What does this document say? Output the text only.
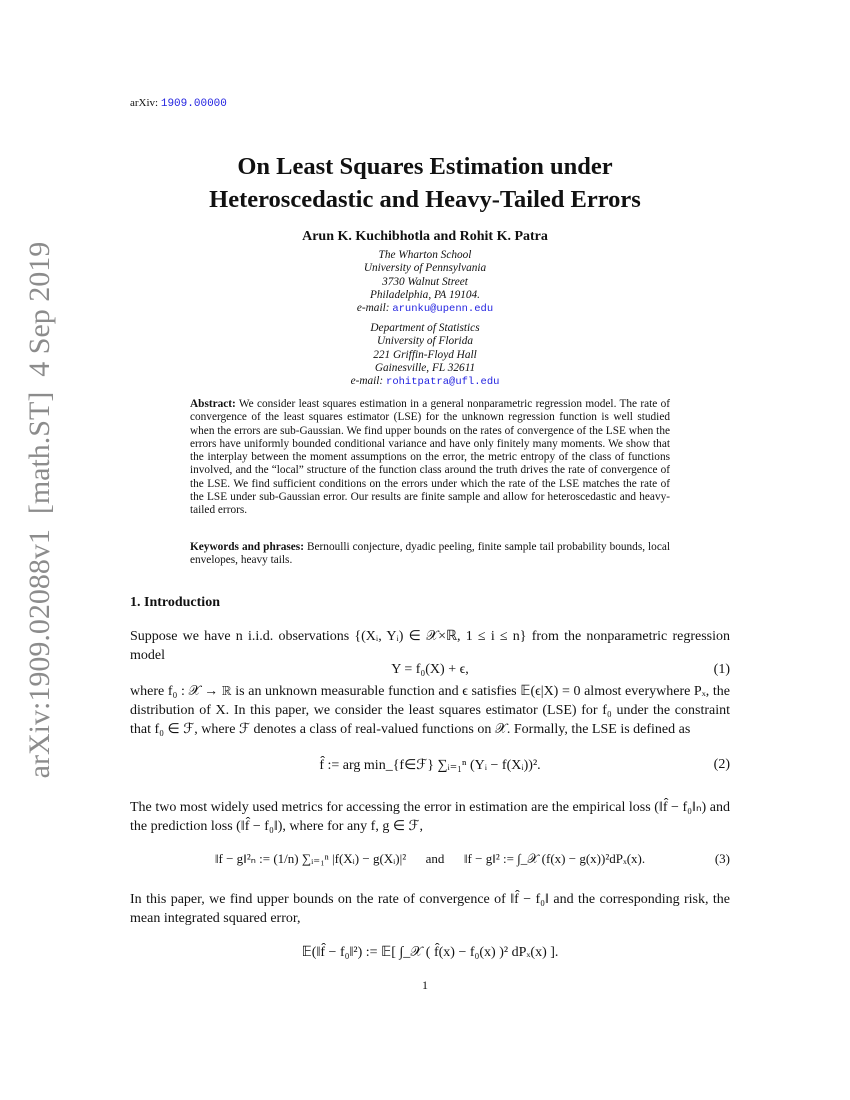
arXiv: 1909.00000
arXiv:1909.02088v1  [math.ST]  4 Sep 2019
On Least Squares Estimation under
Heteroscedastic and Heavy-Tailed Errors
Arun K. Kuchibhotla and Rohit K. Patra
The Wharton School
University of Pennsylvania
3730 Walnut Street
Philadelphia, PA 19104.
e-mail: arunku@upenn.edu
Department of Statistics
University of Florida
221 Griffin-Floyd Hall
Gainesville, FL 32611
e-mail: rohitpatra@ufl.edu
Abstract: We consider least squares estimation in a general nonparametric regression model. The rate of convergence of the least squares estimator (LSE) for the unknown regression function is well studied when the errors are sub-Gaussian. We find upper bounds on the rates of convergence of the LSE when the errors have uniformly bounded conditional variance and have only finitely many moments. We show that the interplay between the moment assumptions on the error, the metric entropy of the class of functions involved, and the “local” structure of the function class around the truth drives the rate of convergence of the LSE. We find sufficient conditions on the errors under which the rate of the LSE matches the rate of the LSE under sub-Gaussian error. Our results are finite sample and allow for heteroscedastic and heavy-tailed errors.
Keywords and phrases: Bernoulli conjecture, dyadic peeling, finite sample tail probability bounds, local envelopes, heavy tails.
1. Introduction
Suppose we have n i.i.d. observations {(Xᵢ, Yᵢ) ∈ 𝒳×ℝ, 1 ≤ i ≤ n} from the nonparametric regression model
Y = f₀(X) + ϵ,	(1)
where f₀ : 𝒳 → ℝ is an unknown measurable function and ϵ satisfies 𝔼(ϵ|X) = 0 almost everywhere Pₓ, the distribution of X. In this paper, we consider the least squares estimator (LSE) for f₀ under the constraint that f₀ ∈ ℱ, where ℱ denotes a class of real-valued functions on 𝒳. Formally, the LSE is defined as
f̂ := arg min_{f∈ℱ} ∑ᵢ₌₁ⁿ (Yᵢ − f(Xᵢ))².	(2)
The two most widely used metrics for accessing the error in estimation are the empirical loss (‖f̂ − f₀‖ₙ) and the prediction loss (‖f̂ − f₀‖), where for any f, g ∈ ℱ,
‖f − g‖²ₙ := (1/n) ∑ᵢ₌₁ⁿ |f(Xᵢ) − g(Xᵢ)|²      and      ‖f − g‖² := ∫_𝒳 (f(x) − g(x))²dPₓ(x).	(3)
In this paper, we find upper bounds on the rate of convergence of ‖f̂ − f₀‖ and the corresponding risk, the mean integrated squared error,
𝔼(‖f̂ − f₀‖²) := 𝔼[ ∫_𝒳 ( f̂(x) − f₀(x) )² dPₓ(x) ].
1
